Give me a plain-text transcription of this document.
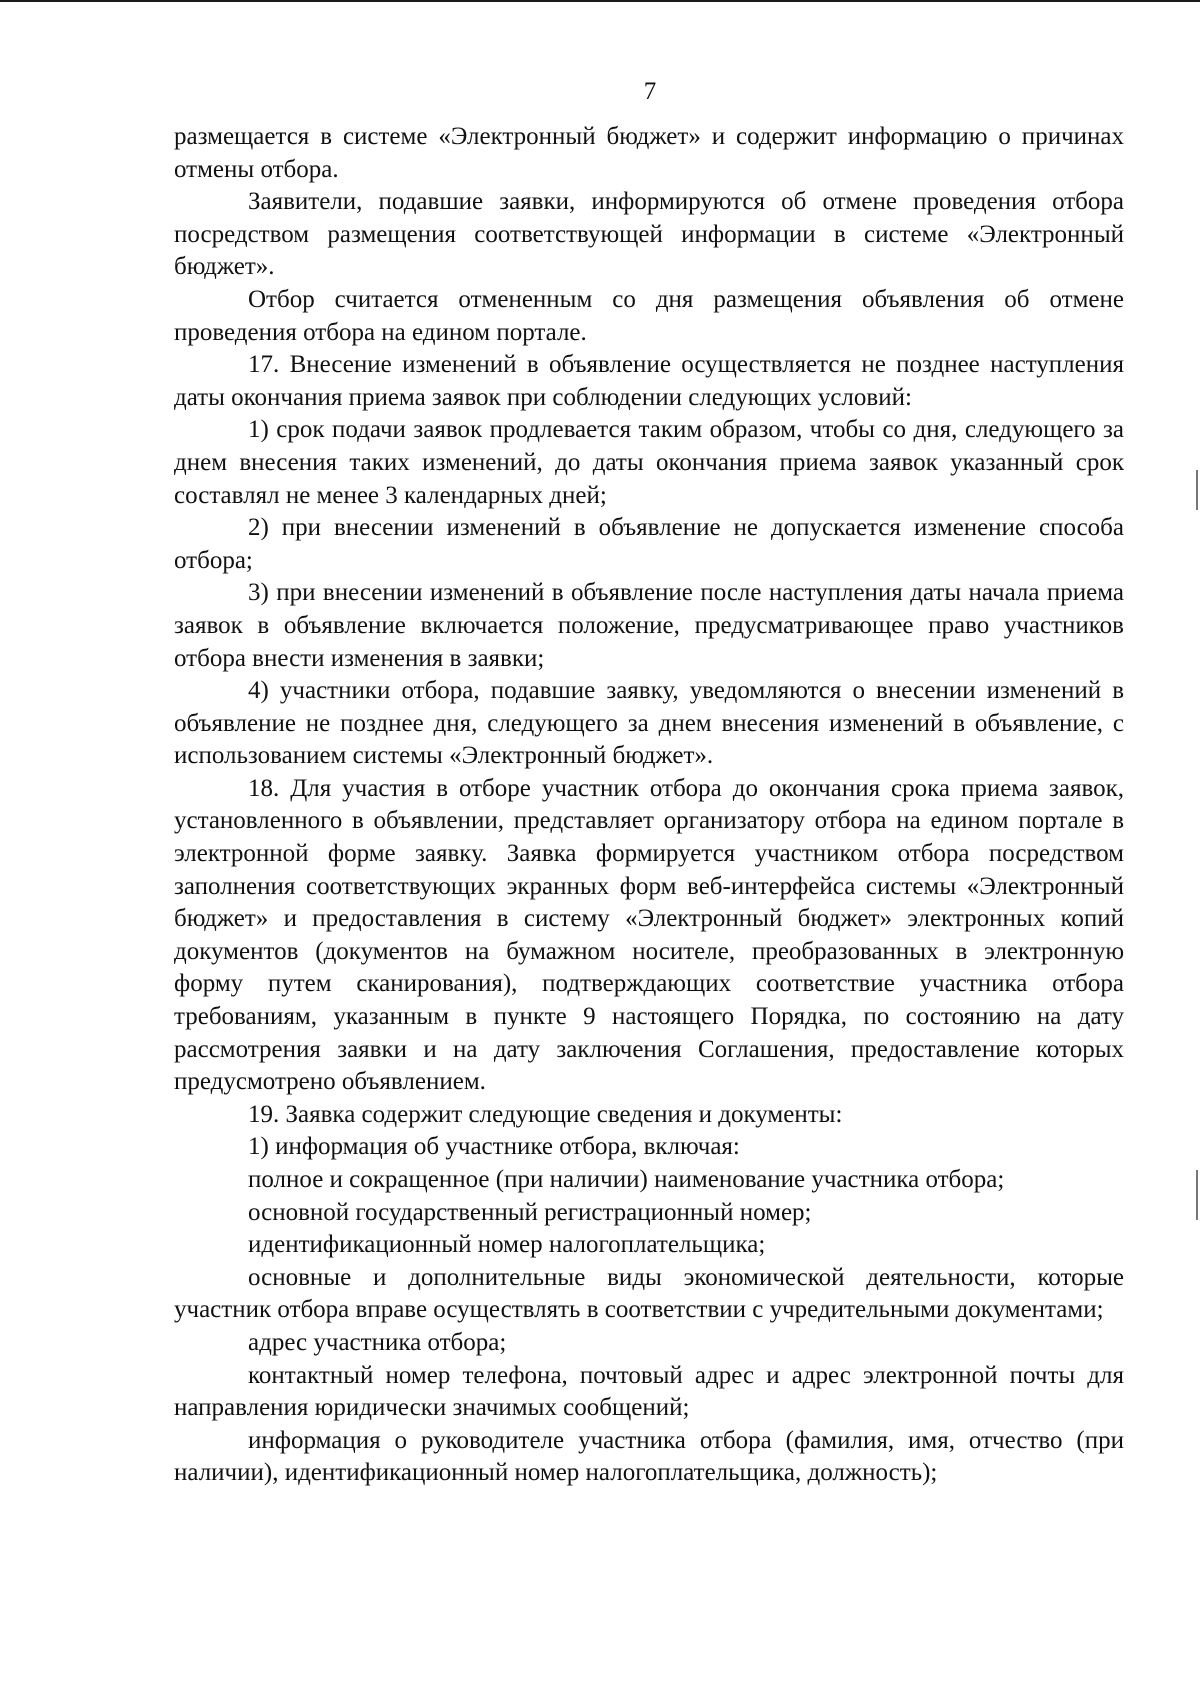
7

размещается в системе «Электронный бюджет» и содержит информацию о причинах отмены отбора.

Заявители, подавшие заявки, информируются об отмене проведения отбора посредством размещения соответствующей информации в системе «Электронный бюджет».

Отбор считается отмененным со дня размещения объявления об отмене проведения отбора на едином портале.

17. Внесение изменений в объявление осуществляется не позднее наступления даты окончания приема заявок при соблюдении следующих условий:

1) срок подачи заявок продлевается таким образом, чтобы со дня, следующего за днем внесения таких изменений, до даты окончания приема заявок указанный срок составлял не менее 3 календарных дней;

2) при внесении изменений в объявление не допускается изменение способа отбора;

3) при внесении изменений в объявление после наступления даты начала приема заявок в объявление включается положение, предусматривающее право участников отбора внести изменения в заявки;

4) участники отбора, подавшие заявку, уведомляются о внесении изменений в объявление не позднее дня, следующего за днем внесения изменений в объявление, с использованием системы «Электронный бюджет».

18. Для участия в отборе участник отбора до окончания срока приема заявок, установленного в объявлении, представляет организатору отбора на едином портале в электронной форме заявку. Заявка формируется участником отбора посредством заполнения соответствующих экранных форм веб-интерфейса системы «Электронный бюджет» и предоставления в систему «Электронный бюджет» электронных копий документов (документов на бумажном носителе, преобразованных в электронную форму путем сканирования), подтверждающих соответствие участника отбора требованиям, указанным в пункте 9 настоящего Порядка, по состоянию на дату рассмотрения заявки и на дату заключения Соглашения, предоставление которых предусмотрено объявлением.

19. Заявка содержит следующие сведения и документы:

1) информация об участнике отбора, включая:

полное и сокращенное (при наличии) наименование участника отбора;

основной государственный регистрационный номер;

идентификационный номер налогоплательщика;

основные и дополнительные виды экономической деятельности, которые участник отбора вправе осуществлять в соответствии с учредительными документами;

адрес участника отбора;

контактный номер телефона, почтовый адрес и адрес электронной почты для направления юридически значимых сообщений;

информация о руководителе участника отбора (фамилия, имя, отчество (при наличии), идентификационный номер налогоплательщика, должность);
